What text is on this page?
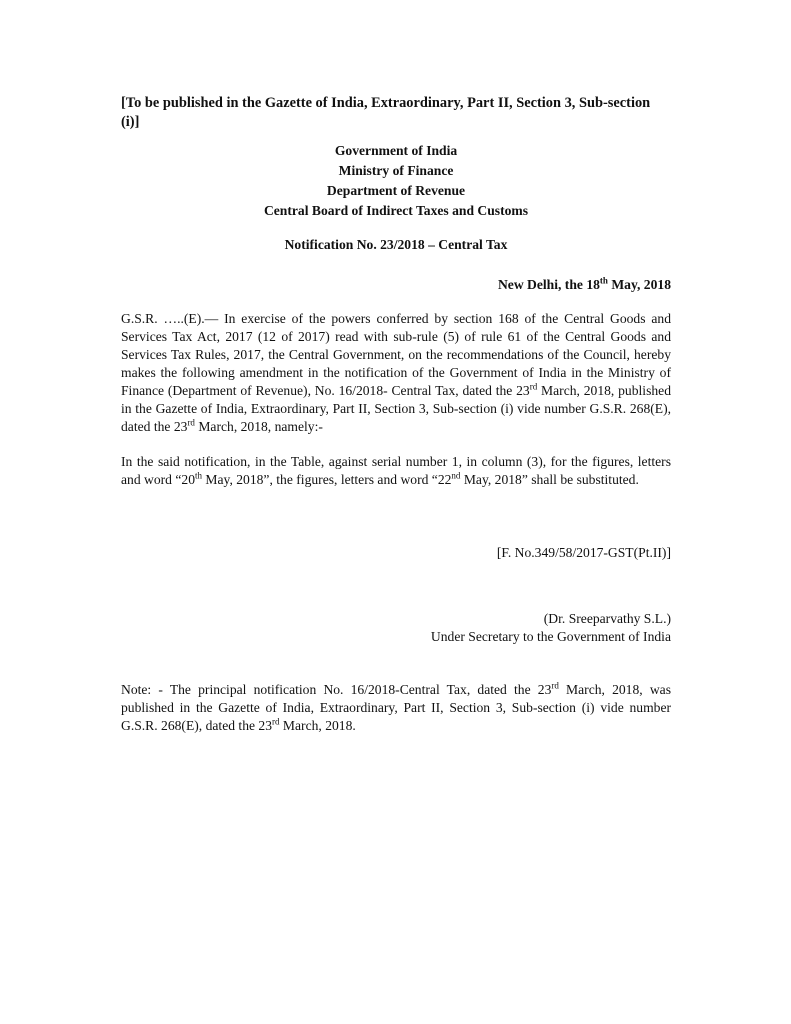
[To be published in the Gazette of India, Extraordinary, Part II, Section 3, Sub-section (i)]
Government of India
Ministry of Finance
Department of Revenue
Central Board of Indirect Taxes and Customs
Notification No. 23/2018 – Central Tax
New Delhi, the 18th May, 2018
G.S.R. …..(E).— In exercise of the powers conferred by section 168 of the Central Goods and Services Tax Act, 2017 (12 of 2017) read with sub-rule (5) of rule 61 of the Central Goods and Services Tax Rules, 2017, the Central Government, on the recommendations of the Council, hereby makes the following amendment in the notification of the Government of India in the Ministry of Finance (Department of Revenue), No. 16/2018- Central Tax, dated the 23rd March, 2018, published in the Gazette of India, Extraordinary, Part II, Section 3, Sub-section (i) vide number G.S.R. 268(E), dated the 23rd March, 2018, namely:-
In the said notification, in the Table, against serial number 1, in column (3), for the figures, letters and word “20th May, 2018”, the figures, letters and word “22nd May, 2018” shall be substituted.
[F. No.349/58/2017-GST(Pt.II)]
(Dr. Sreeparvathy S.L.)
Under Secretary to the Government of India
Note: - The principal notification No. 16/2018-Central Tax, dated the 23rd March, 2018, was published in the Gazette of India, Extraordinary, Part II, Section 3, Sub-section (i) vide number G.S.R. 268(E), dated the 23rd March, 2018.
